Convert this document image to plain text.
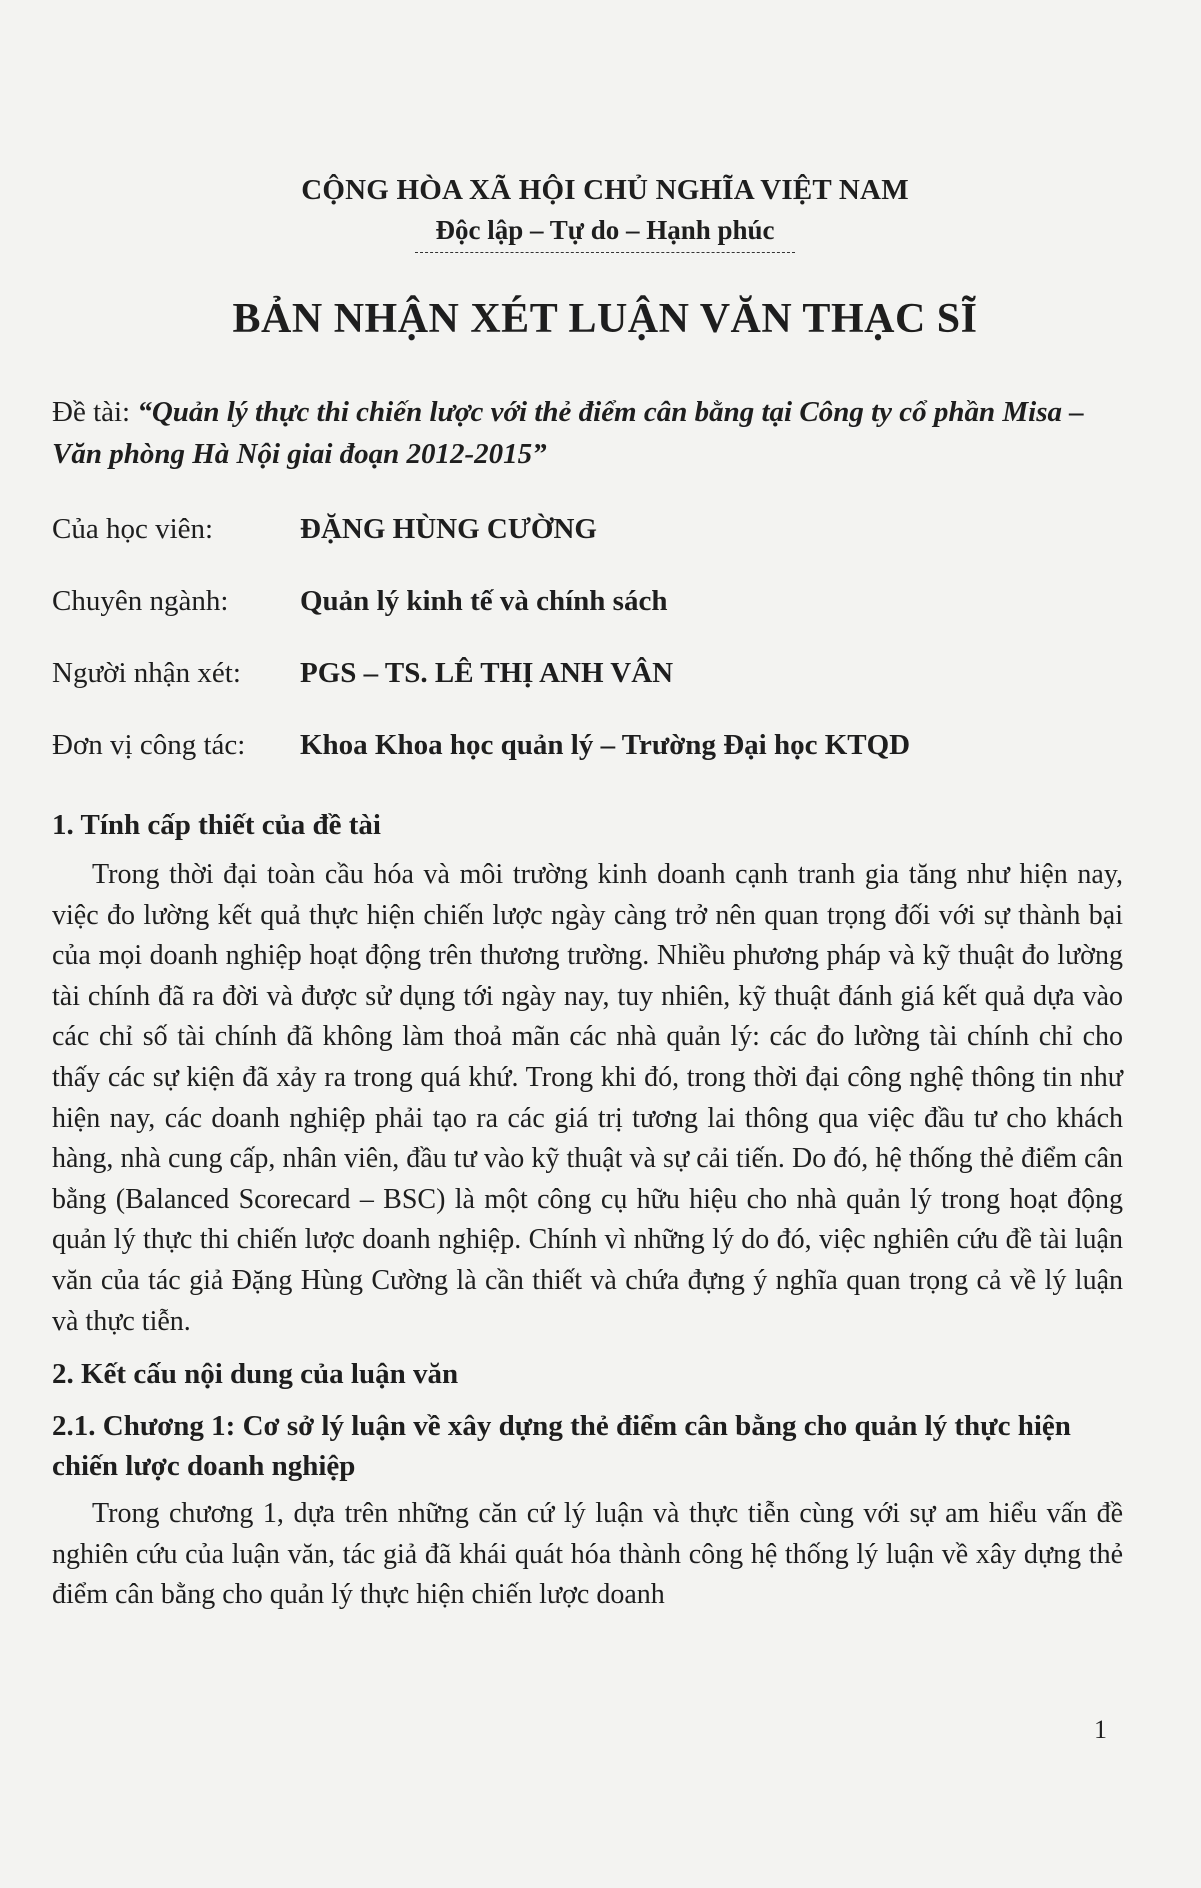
CỘNG HÒA XÃ HỘI CHỦ NGHĨA VIỆT NAM
Độc lập – Tự do – Hạnh phúc
BẢN NHẬN XÉT LUẬN VĂN THẠC SĨ
Đề tài: “Quản lý thực thi chiến lược với thẻ điểm cân bằng tại Công ty cổ phần Misa – Văn phòng Hà Nội giai đoạn 2012-2015”
Của học viên:	ĐẶNG HÙNG CƯỜNG
Chuyên ngành:	Quản lý kinh tế và chính sách
Người nhận xét:	PGS – TS. LÊ THỊ ANH VÂN
Đơn vị công tác:	Khoa Khoa học quản lý – Trường Đại học KTQD
1. Tính cấp thiết của đề tài

Trong thời đại toàn cầu hóa và môi trường kinh doanh cạnh tranh gia tăng như hiện nay, việc đo lường kết quả thực hiện chiến lược ngày càng trở nên quan trọng đối với sự thành bại của mọi doanh nghiệp hoạt động trên thương trường. Nhiều phương pháp và kỹ thuật đo lường tài chính đã ra đời và được sử dụng tới ngày nay, tuy nhiên, kỹ thuật đánh giá kết quả dựa vào các chỉ số tài chính đã không làm thoả mãn các nhà quản lý: các đo lường tài chính chỉ cho thấy các sự kiện đã xảy ra trong quá khứ. Trong khi đó, trong thời đại công nghệ thông tin như hiện nay, các doanh nghiệp phải tạo ra các giá trị tương lai thông qua việc đầu tư cho khách hàng, nhà cung cấp, nhân viên, đầu tư vào kỹ thuật và sự cải tiến. Do đó, hệ thống thẻ điểm cân bằng (Balanced Scorecard – BSC) là một công cụ hữu hiệu cho nhà quản lý trong hoạt động quản lý thực thi chiến lược doanh nghiệp. Chính vì những lý do đó, việc nghiên cứu đề tài luận văn của tác giả Đặng Hùng Cường là cần thiết và chứa đựng ý nghĩa quan trọng cả về lý luận và thực tiễn.

2. Kết cấu nội dung của luận văn
2.1. Chương 1: Cơ sở lý luận về xây dựng thẻ điểm cân bằng cho quản lý thực hiện chiến lược doanh nghiệp

Trong chương 1, dựa trên những căn cứ lý luận và thực tiễn cùng với sự am hiểu vấn đề nghiên cứu của luận văn, tác giả đã khái quát hóa thành công hệ thống lý luận về xây dựng thẻ điểm cân bằng cho quản lý thực hiện chiến lược doanh

1
